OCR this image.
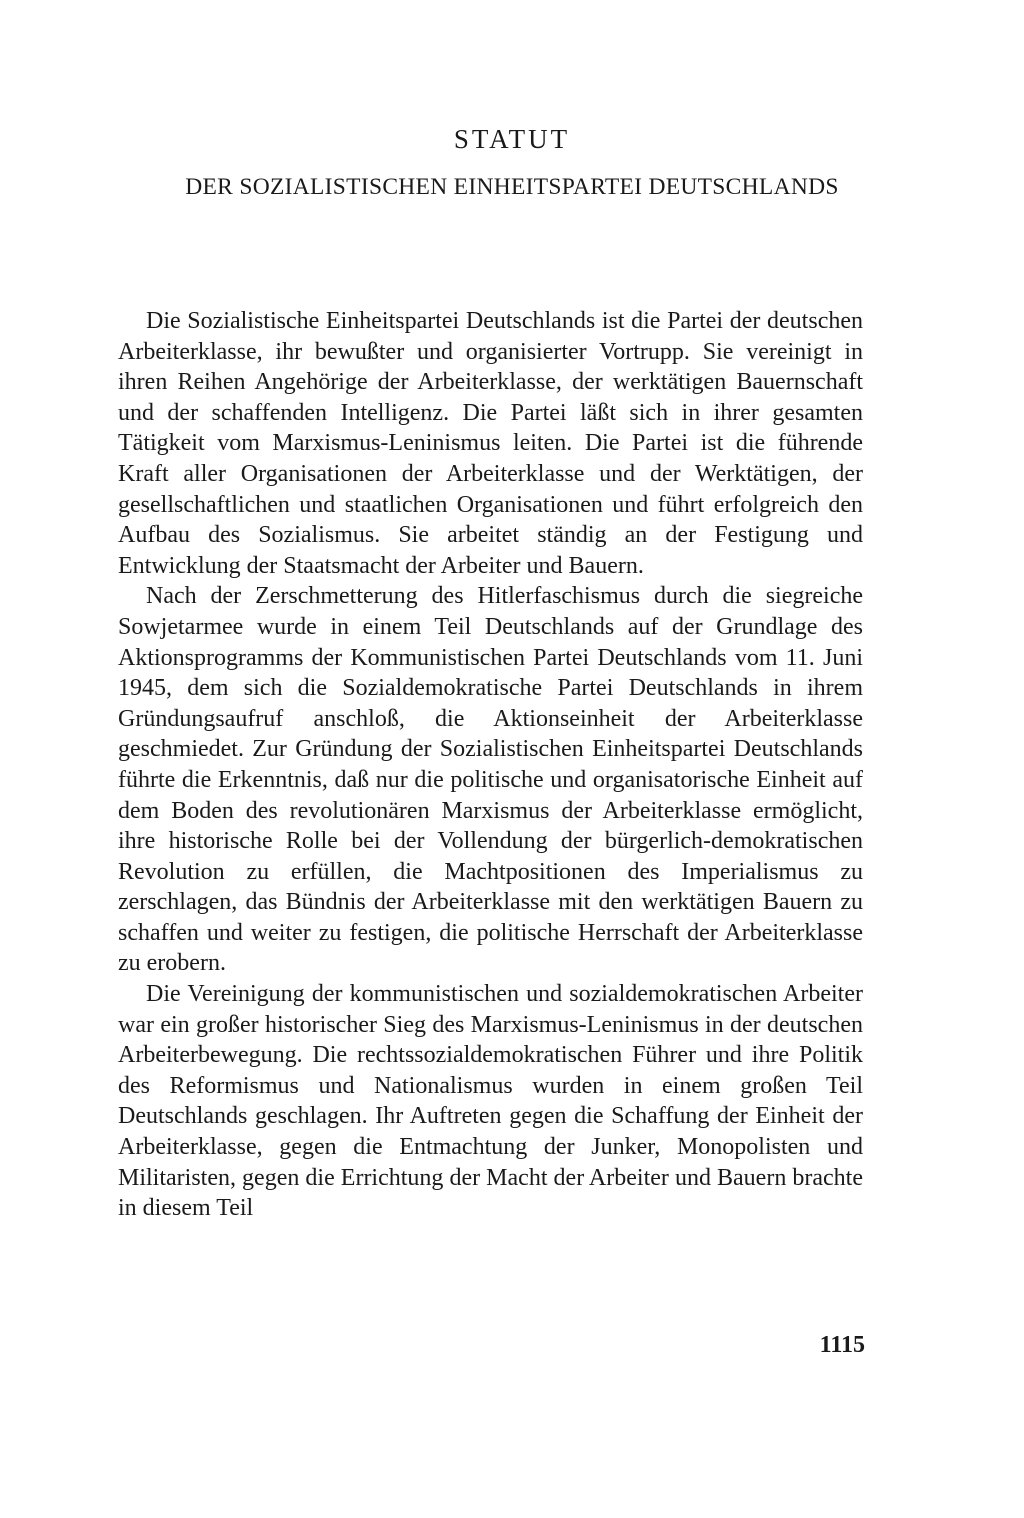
STATUT
DER SOZIALISTISCHEN EINHEITSPARTEI DEUTSCHLANDS

Die Sozialistische Einheitspartei Deutschlands ist die Partei der deutschen Arbeiterklasse, ihr bewußter und organisierter Vortrupp. Sie vereinigt in ihren Reihen Angehörige der Arbeiterklasse, der werktätigen Bauernschaft und der schaffenden Intelligenz. Die Partei läßt sich in ihrer gesamten Tätigkeit vom Marxismus-Leninismus leiten. Die Partei ist die führende Kraft aller Organisationen der Arbeiterklasse und der Werktätigen, der gesellschaftlichen und staatlichen Organisationen und führt erfolgreich den Aufbau des Sozialismus. Sie arbeitet ständig an der Festigung und Entwicklung der Staatsmacht der Arbeiter und Bauern.

Nach der Zerschmetterung des Hitlerfaschismus durch die siegreiche Sowjetarmee wurde in einem Teil Deutschlands auf der Grundlage des Aktionsprogramms der Kommunistischen Partei Deutschlands vom 11. Juni 1945, dem sich die Sozialdemokratische Partei Deutschlands in ihrem Gründungsaufruf anschloß, die Aktionseinheit der Arbeiterklasse geschmiedet. Zur Gründung der Sozialistischen Einheitspartei Deutschlands führte die Erkenntnis, daß nur die politische und organisatorische Einheit auf dem Boden des revolutionären Marxismus der Arbeiterklasse ermöglicht, ihre historische Rolle bei der Vollendung der bürgerlich-demokratischen Revolution zu erfüllen, die Machtpositionen des Imperialismus zu zerschlagen, das Bündnis der Arbeiterklasse mit den werktätigen Bauern zu schaffen und weiter zu festigen, die politische Herrschaft der Arbeiterklasse zu erobern.

Die Vereinigung der kommunistischen und sozialdemokratischen Arbeiter war ein großer historischer Sieg des Marxismus-Leninismus in der deutschen Arbeiterbewegung. Die rechtssozialdemokratischen Führer und ihre Politik des Reformismus und Nationalismus wurden in einem großen Teil Deutschlands geschlagen. Ihr Auftreten gegen die Schaffung der Einheit der Arbeiterklasse, gegen die Entmachtung der Junker, Monopolisten und Militaristen, gegen die Errichtung der Macht der Arbeiter und Bauern brachte in diesem Teil

1115
